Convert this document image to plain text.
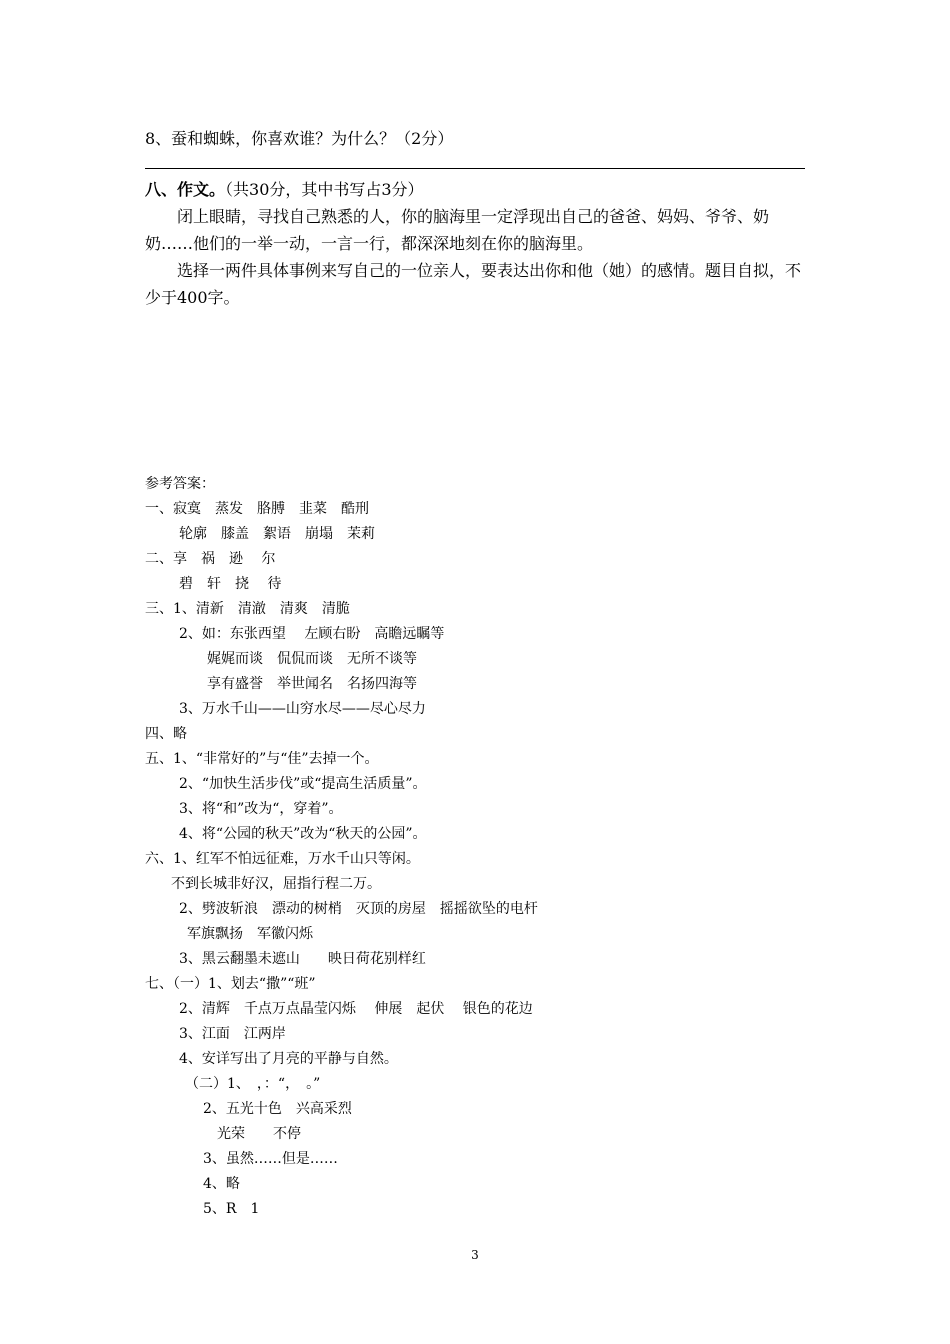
8、蚕和蜘蛛，你喜欢谁？为什么？（2分）
八、作文。（共30分，其中书写占3分）

闭上眼睛，寻找自己熟悉的人，你的脑海里一定浮现出自己的爸爸、妈妈、爷爷、奶奶……他们的一举一动，一言一行，都深深地刻在你的脑海里。

选择一两件具体事例来写自己的一位亲人，要表达出你和他（她）的感情。题目自拟，不少于400字。

参考答案：
一、寂寞　蒸发　胳膊　韭菜　酷刑
轮廓　膝盖　絮语　崩塌　茉莉
二、享　祸　逊　 尔
碧　轩　挠　 待
三、1、清新　清澈　清爽　清脆
2、如：东张西望　 左顾右盼　高瞻远瞩等
娓娓而谈　侃侃而谈　无所不谈等
享有盛誉　举世闻名　名扬四海等
3、万水千山——山穷水尽——尽心尽力
四、略
五、1、“非常好的”与“佳”去掉一个。
2、“加快生活步伐”或“提高生活质量”。
3、将“和”改为“，穿着”。
4、将“公园的秋天”改为“秋天的公园”。
六、1、红军不怕远征难，万水千山只等闲。
不到长城非好汉，屈指行程二万。
2、劈波斩浪　漂动的树梢　灭顶的房屋　摇摇欲坠的电杆
军旗飘扬　军徽闪烁
3、黑云翻墨未遮山　　映日荷花别样红
七、（一）1、划去“撒”“班”
2、清辉　千点万点晶莹闪烁　 伸展　起伏　 银色的花边
3、江面　江两岸
4、安详写出了月亮的平静与自然。
（二）1、　，：“，　。”
2、五光十色　兴高采烈
光荣　　不停
3、虽然……但是……
4、略
5、R　1
3
